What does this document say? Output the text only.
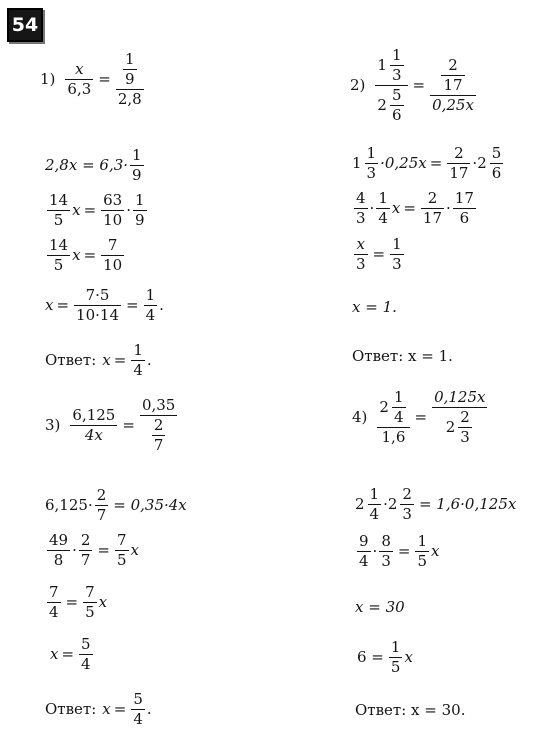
54
$1) \frac{x}{6,3} = \frac{\frac{1}{9}}{2,8}$
$2,8x = 6,3\cdot \frac{1}{9}$
$\frac{14}{5}$ $x = \frac{63}{10} \cdot \frac{1}{9}$
$\frac{14}{5}$ $x = \frac{7}{10}$
$x = \frac{7\cdot 5}{10\cdot 14} = \frac{1}{4}$ .
Ответ: $x = \frac{1}{4}$ .
$2) \frac{1 \frac{1}{3}}{2 \frac{5}{6}} = \frac{\frac{2}{17}}{0,25x}$
$1 \frac{1}{3} \cdot 0,25x = \frac{2}{17} \cdot 2 \frac{5}{6}$
$\frac{4}{3} \cdot \frac{1}{4}$ $x = \frac{2}{17} \cdot \frac{17}{6}$
$\frac{x}{3} = \frac{1}{3}$
x = 1.
Ответ: x = 1.
$3) \frac{6,125}{4x} = \frac{0,35}{\frac{2}{7}}$
$6,125\cdot \frac{2}{7} = 0,35\cdot 4x$
$\frac{49}{8} \cdot \frac{2}{7} = \frac{7}{5}$ x
$\frac{7}{4} = \frac{7}{5}$ x
$x = \frac{5}{4}$
Ответ: $x = \frac{5}{4}$ .
$4) \frac{2 \frac{1}{4}}{1,6} = \frac{0,125x}{2 \frac{2}{3}}$
$2 \frac{1}{4} \cdot 2 \frac{2}{3} = 1,6\cdot 0,125x$
$\frac{9}{4} \cdot \frac{8}{3} = \frac{1}{5}$ x
x = 30
$6 = \frac{1}{5}$ x
Ответ: x = 30.
